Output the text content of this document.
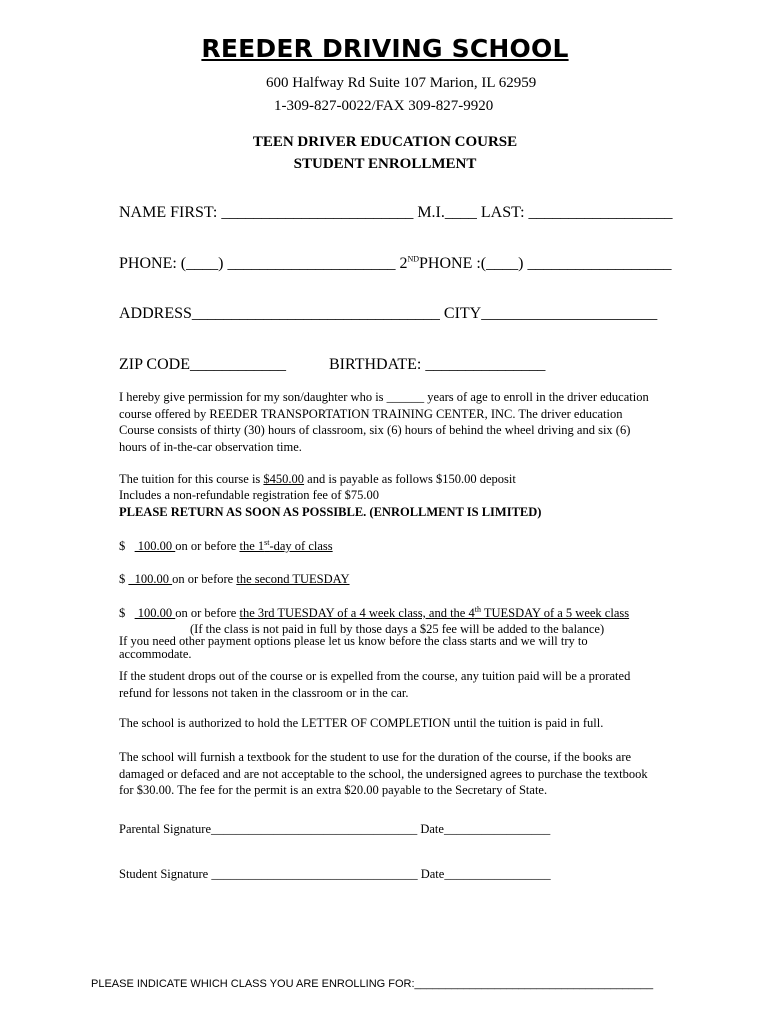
REEDER DRIVING SCHOOL
600 Halfway Rd Suite 107 Marion, IL 62959
1-309-827-0022/FAX 309-827-9920
TEEN DRIVER EDUCATION COURSE
STUDENT ENROLLMENT
NAME FIRST: ________________________ M.I.____ LAST: __________________
PHONE: (____) _____________________ 2NDPHONE :(____) __________________
ADDRESS_______________________________ CITY______________________
ZIP CODE____________	BIRTHDATE: _______________
I hereby give permission for my son/daughter who is ______ years of age to enroll in the driver education course offered by REEDER TRANSPORTATION TRAINING CENTER, INC. The driver education Course consists of thirty (30) hours of classroom, six (6) hours of behind the wheel driving and six (6) hours of in-the-car observation time.
The tuition for this course is $450.00 and is payable as follows $150.00 deposit
Includes a non-refundable registration fee of $75.00
PLEASE RETURN AS SOON AS POSSIBLE. (ENROLLMENT IS LIMITED)
$    100.00 on or before the 1st-day of class
$   100.00 on or before the second TUESDAY
$    100.00 on or before the 3rd TUESDAY of a 4 week class, and the 4th TUESDAY of a 5 week class
(If the class is not paid in full by those days a $25 fee will be added to the balance)
If you need other payment options please let us know before the class starts and we will try to accommodate.
If the student drops out of the course or is expelled from the course, any tuition paid will be a prorated refund for lessons not taken in the classroom or in the car.
The school is authorized to hold the LETTER OF COMPLETION until the tuition is paid in full.
The school will furnish a textbook for the student to use for the duration of the course, if the books are damaged or defaced and are not acceptable to the school, the undersigned agrees to purchase the textbook for $30.00. The fee for the permit is an extra $20.00 payable to the Secretary of State.
Parental Signature_________________________________ Date_________________
Student Signature _________________________________ Date_________________
PLEASE INDICATE WHICH CLASS YOU ARE ENROLLING FOR:_______________________________________
